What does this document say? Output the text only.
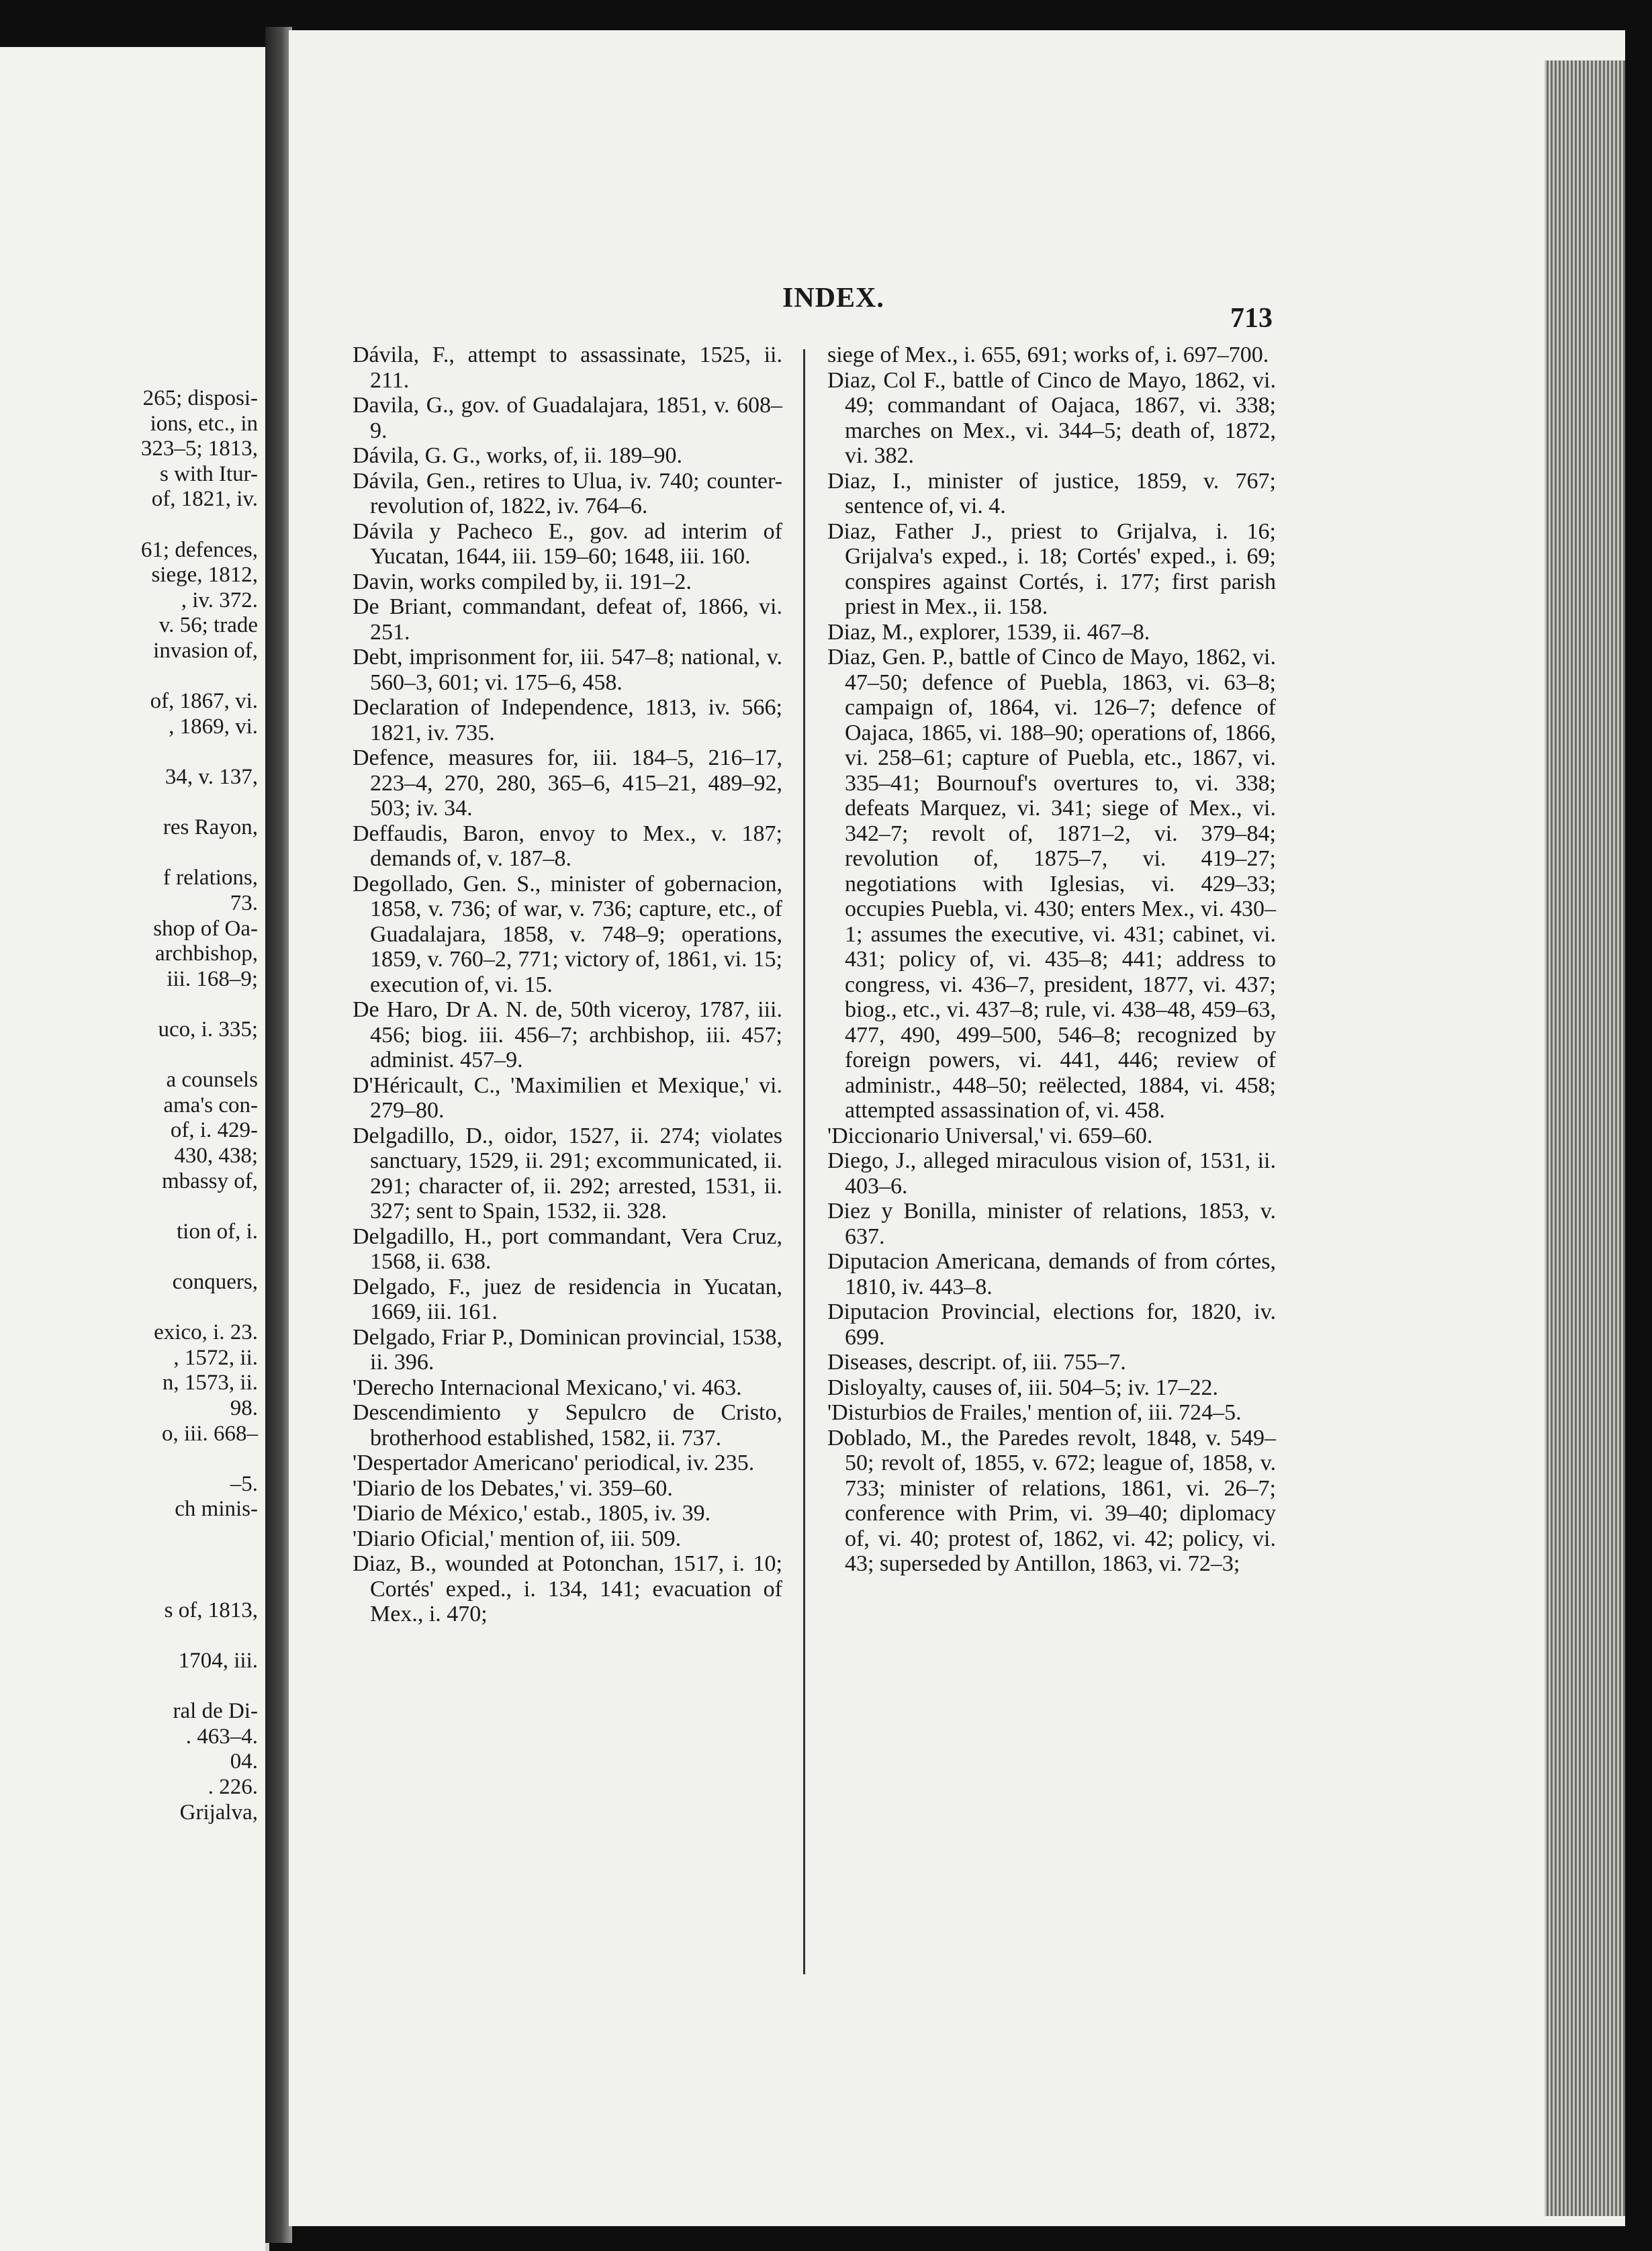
265; disposi-
ions, etc., in
323–5; 1813,
s with Itur-
of, 1821, iv.
61; defences,
siege, 1812,
, iv. 372.
v. 56; trade
invasion of,
of, 1867, vi.
, 1869, vi.
34, v. 137,
res Rayon,
f relations,
73.
shop of Oa-
archbishop,
iii. 168–9;
uco, i. 335;
a counsels
ama's con-
of, i. 429-
430, 438;
mbassy of,
tion of, i.
conquers,
exico, i. 23.
, 1572, ii.
n, 1573, ii.
98.
o, iii. 668–
–5.
ch minis-
s of, 1813,
1704, iii.
ral de Di-
. 463–4.
04.
. 226.
Grijalva,
INDEX.
713
Dávila, F., attempt to assassinate, 1525, ii. 211.
Davila, G., gov. of Guadalajara, 1851, v. 608–9.
Dávila, G. G., works, of, ii. 189–90.
Dávila, Gen., retires to Ulua, iv. 740; counter-revolution of, 1822, iv. 764–6.
Dávila y Pacheco E., gov. ad interim of Yucatan, 1644, iii. 159–60; 1648, iii. 160.
Davin, works compiled by, ii. 191–2.
De Briant, commandant, defeat of, 1866, vi. 251.
Debt, imprisonment for, iii. 547–8; national, v. 560–3, 601; vi. 175–6, 458.
Declaration of Independence, 1813, iv. 566; 1821, iv. 735.
Defence, measures for, iii. 184–5, 216–17, 223–4, 270, 280, 365–6, 415–21, 489–92, 503; iv. 34.
Deffaudis, Baron, envoy to Mex., v. 187; demands of, v. 187–8.
Degollado, Gen. S., minister of gobernacion, 1858, v. 736; of war, v. 736; capture, etc., of Guadalajara, 1858, v. 748–9; operations, 1859, v. 760–2, 771; victory of, 1861, vi. 15; execution of, vi. 15.
De Haro, Dr A. N. de, 50th viceroy, 1787, iii. 456; biog. iii. 456–7; archbishop, iii. 457; administ. 457–9.
D'Héricault, C., 'Maximilien et Mexique,' vi. 279–80.
Delgadillo, D., oidor, 1527, ii. 274; violates sanctuary, 1529, ii. 291; excommunicated, ii. 291; character of, ii. 292; arrested, 1531, ii. 327; sent to Spain, 1532, ii. 328.
Delgadillo, H., port commandant, Vera Cruz, 1568, ii. 638.
Delgado, F., juez de residencia in Yucatan, 1669, iii. 161.
Delgado, Friar P., Dominican provincial, 1538, ii. 396.
'Derecho Internacional Mexicano,' vi. 463.
Descendimiento y Sepulcro de Cristo, brotherhood established, 1582, ii. 737.
'Despertador Americano' periodical, iv. 235.
'Diario de los Debates,' vi. 359–60.
'Diario de México,' estab., 1805, iv. 39.
'Diario Oficial,' mention of, iii. 509.
Diaz, B., wounded at Potonchan, 1517, i. 10; Cortés' exped., i. 134, 141; evacuation of Mex., i. 470;
siege of Mex., i. 655, 691; works of, i. 697–700.
Diaz, Col F., battle of Cinco de Mayo, 1862, vi. 49; commandant of Oajaca, 1867, vi. 338; marches on Mex., vi. 344–5; death of, 1872, vi. 382.
Diaz, I., minister of justice, 1859, v. 767; sentence of, vi. 4.
Diaz, Father J., priest to Grijalva, i. 16; Grijalva's exped., i. 18; Cortés' exped., i. 69; conspires against Cortés, i. 177; first parish priest in Mex., ii. 158.
Diaz, M., explorer, 1539, ii. 467–8.
Diaz, Gen. P., battle of Cinco de Mayo, 1862, vi. 47–50; defence of Puebla, 1863, vi. 63–8; campaign of, 1864, vi. 126–7; defence of Oajaca, 1865, vi. 188–90; operations of, 1866, vi. 258–61; capture of Puebla, etc., 1867, vi. 335–41; Bournouf's overtures to, vi. 338; defeats Marquez, vi. 341; siege of Mex., vi. 342–7; revolt of, 1871–2, vi. 379–84; revolution of, 1875–7, vi. 419–27; negotiations with Iglesias, vi. 429–33; occupies Puebla, vi. 430; enters Mex., vi. 430–1; assumes the executive, vi. 431; cabinet, vi. 431; policy of, vi. 435–8; 441; address to congress, vi. 436–7, president, 1877, vi. 437; biog., etc., vi. 437–8; rule, vi. 438–48, 459–63, 477, 490, 499–500, 546–8; recognized by foreign powers, vi. 441, 446; review of administr., 448–50; reëlected, 1884, vi. 458; attempted assassination of, vi. 458.
'Diccionario Universal,' vi. 659–60.
Diego, J., alleged miraculous vision of, 1531, ii. 403–6.
Diez y Bonilla, minister of relations, 1853, v. 637.
Diputacion Americana, demands of from córtes, 1810, iv. 443–8.
Diputacion Provincial, elections for, 1820, iv. 699.
Diseases, descript. of, iii. 755–7.
Disloyalty, causes of, iii. 504–5; iv. 17–22.
'Disturbios de Frailes,' mention of, iii. 724–5.
Doblado, M., the Paredes revolt, 1848, v. 549–50; revolt of, 1855, v. 672; league of, 1858, v. 733; minister of relations, 1861, vi. 26–7; conference with Prim, vi. 39–40; diplomacy of, vi. 40; protest of, 1862, vi. 42; policy, vi. 43; superseded by Antillon, 1863, vi. 72–3;
